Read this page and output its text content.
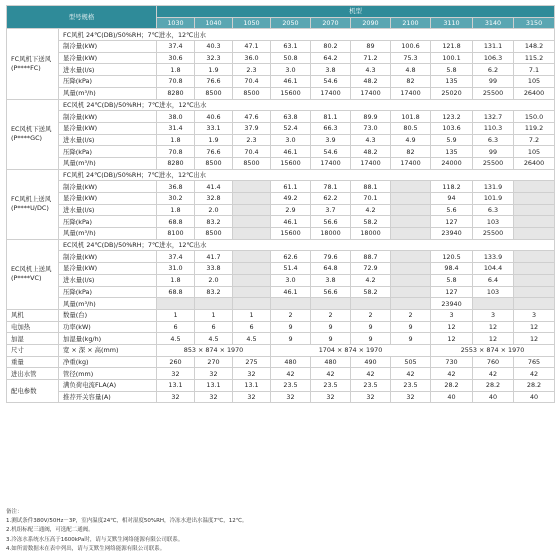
型号规格		机型									
		1030	1040	1050	2050	2070	2090	2100	3110	3140	3150
FC风机下送风 (P****FC)	FC风机 24℃(DB)/50%RH；7℃进水，12℃出水										
	制冷量(kW)	37.4	40.3	47.1	63.1	80.2	89	100.6	121.8	131.1	148.2
	显冷量(kW)	30.6	32.3	36.0	50.8	64.2	71.2	75.3	100.1	106.3	115.2
	进水量(l/s)	1.8	1.9	2.3	3.0	3.8	4.3	4.8	5.8	6.2	7.1
	压降(kPa)	70.8	76.6	70.4	46.1	54.6	48.2	82	135	99	105
	风量(m³/h)	8280	8500	8500	15600	17400	17400	17400	25020	25500	26400
EC风机下送风 (P****GC)	EC风机 24℃(DB)/50%RH；7℃进水，12℃出水										
	制冷量(kW)	38.0	40.6	47.6	63.8	81.1	89.9	101.8	123.2	132.7	150.0
	显冷量(kW)	31.4	33.1	37.9	52.4	66.3	73.0	80.5	103.6	110.3	119.2
	进水量(l/s)	1.8	1.9	2.3	3.0	3.9	4.3	4.9	5.9	6.3	7.2
	压降(kPa)	70.8	76.6	70.4	46.1	54.6	48.2	82	135	99	105
	风量(m³/h)	8280	8500	8500	15600	17400	17400	17400	24000	25500	26400
FC风机上送风 (P****U/DC)	FC风机 24℃(DB)/50%RH；7℃进水，12℃出水										
	制冷量(kW)	36.8	41.4		61.1	78.1	88.1		118.2	131.9	
	显冷量(kW)	30.2	32.8		49.2	62.2	70.1		94	101.9	
	进水量(l/s)	1.8	2.0		2.9	3.7	4.2		5.6	6.3	
	压降(kPa)	68.8	83.2		46.1	56.6	58.2		127	103	
	风量(m³/h)	8100	8500		15600	18000	18000		23940	25500	
EC风机上送风 (P****VC)	EC风机 24℃(DB)/50%RH；7℃进水，12℃出水										
	制冷量(kW)	37.4	41.7		62.6	79.6	88.7		120.5	133.9	
	显冷量(kW)	31.0	33.8		51.4	64.8	72.9		98.4	104.4	
	进水量(l/s)	1.8	2.0		3.0	3.8	4.2		5.8	6.4	
	压降(kPa)	68.8	83.2		46.1	56.6	58.2		127	103	
	风量(m³/h)								23940		
风机	数量(台)	1	1	1	2	2	2	2	3	3	3
电加热	功率(kW)	6	6	6	9	9	9	9	12	12	12
加湿	加湿量(kg/h)	4.5	4.5	4.5	9	9	9	9	12	12	12
尺寸	宽 × 深 × 高(mm)	853 × 874 × 1970			1704 × 874 × 1970				2553 × 874 × 1970		
重量	净重(kg)	260	270	275	480	480	490	505	730	760	765
进出水管	管径(mm)	32	32	32	42	42	42	42	42	42	42
配电参数	满负荷电流FLA(A)	13.1	13.1	13.1	23.5	23.5	23.5	23.5	28.2	28.2	28.2
	推荐开关容量(A)	32	32	32	32	32	32	32	40	40	40
备注：
1.测试条件380V/50Hz－3P，室内温度24℃，相对湿度50%RH，冷冻水进出水温度7℃，12℃。
2.机组标配三通阀，可选配二通阀。
3.冷冻水系统水压高于1600kPa时，请与艾默生网络能源有限公司联系。
4.如所需数据未在表中列出，请与艾默生网络能源有限公司联系。
